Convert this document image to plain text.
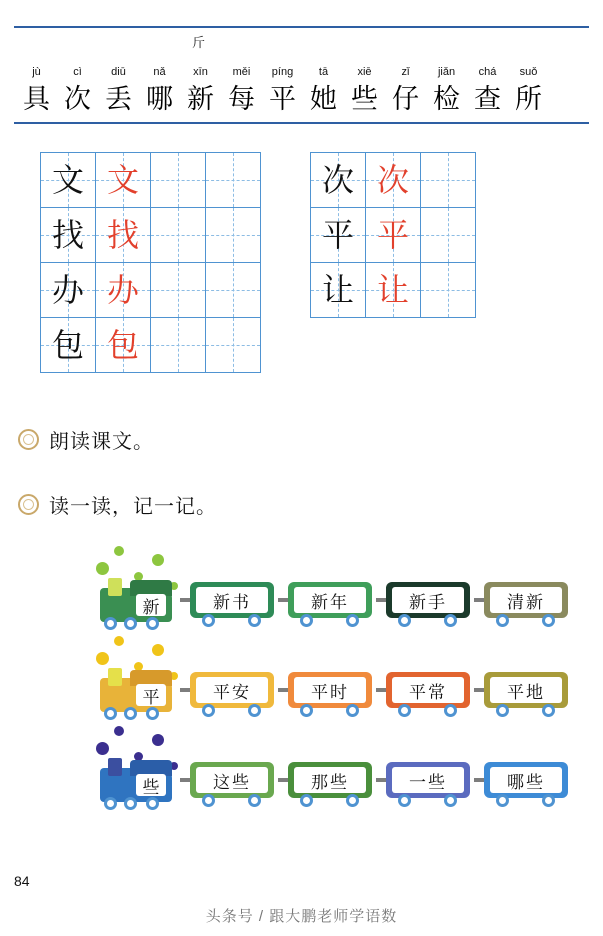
斤
jù
具
cì
次
diū
丢
nǎ
哪
xīn
新
měi
每
píng
平
tā
她
xiē
些
zǐ
仔
jiǎn
检
chá
查
suǒ
所
文	文		

找	找		

办	办		

包	包		

次	次	

平	平	

让	让	

朗读课文。
读一读，记一记。
新	新书	新年	新手	清新
平	平安	平时	平常	平地
些	这些	那些	一些	哪些
84
头条号 / 跟大鹏老师学语数
